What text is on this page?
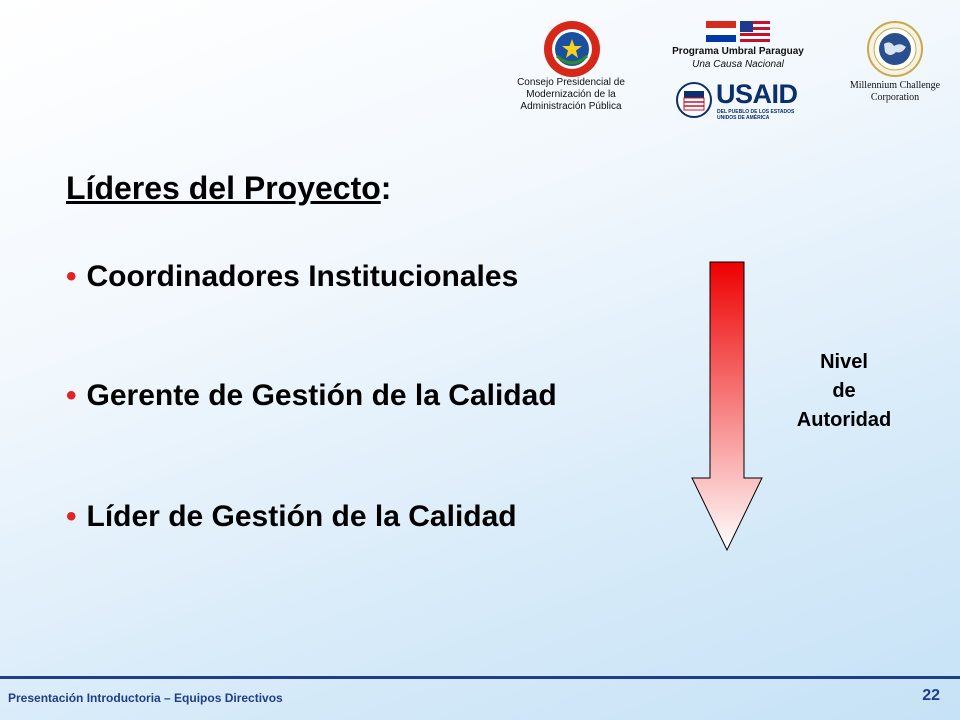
Consejo Presidencial de
Modernización de la
Administración Pública
Programa Umbral Paraguay
Una Causa Nacional
USAID
DEL PUEBLO DE LOS ESTADOS UNIDOS DE AMÉRICA
Millennium Challenge
Corporation
Líderes del Proyecto:
• Coordinadores Institucionales
• Gerente de Gestión de la Calidad
• Líder de Gestión de la Calidad
Nivel
de
Autoridad
Presentación Introductoria – Equipos Directivos	22
